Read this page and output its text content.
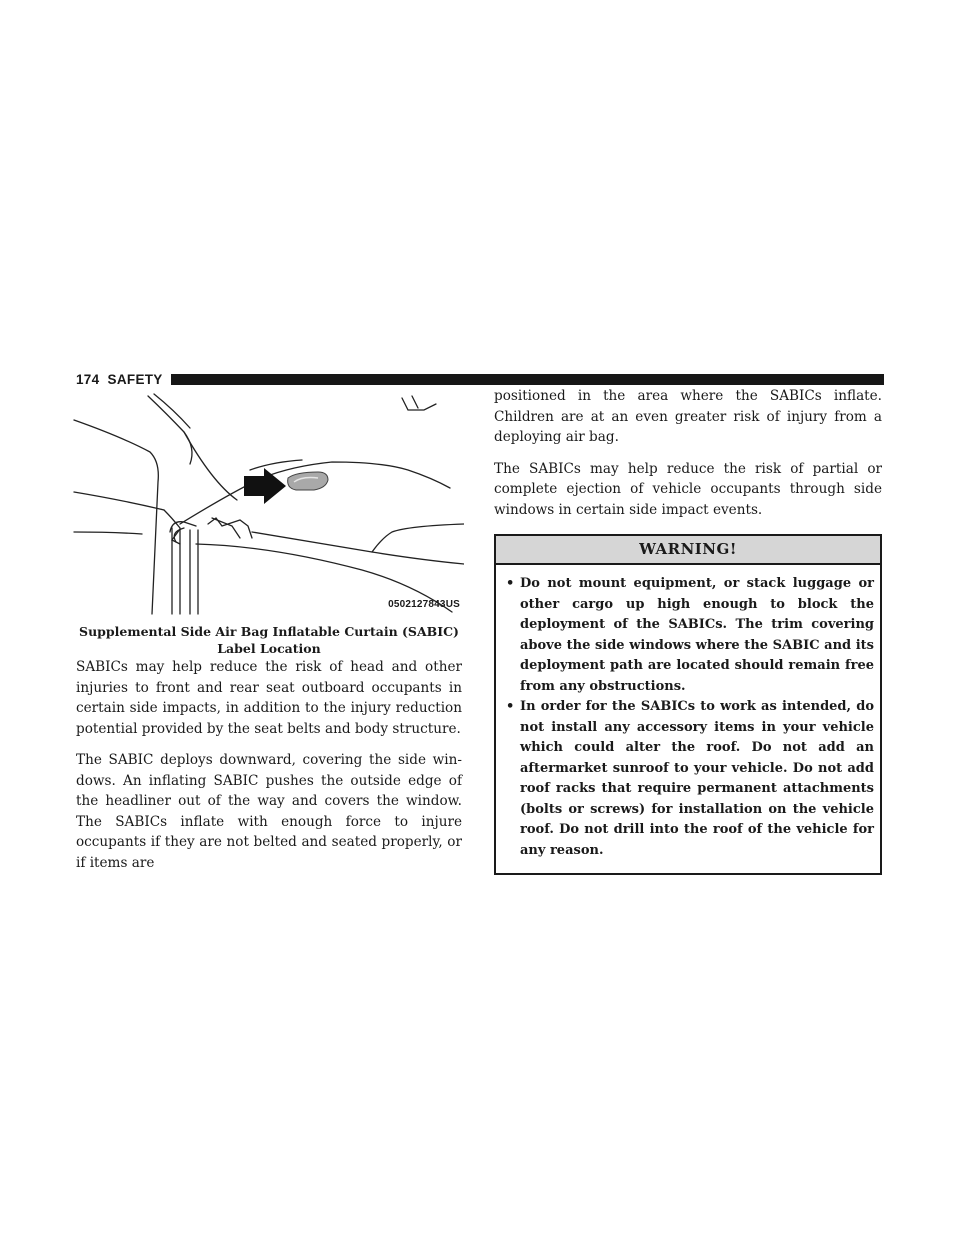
174 SAFETY
0502127843US
Supplemental Side Air Bag Inflatable Curtain (SABIC)
Label Location

SABICs may help reduce the risk of head and other injuries to front and rear seat outboard occupants in certain side impacts, in addition to the injury reduction potential provided by the seat belts and body structure.

The SABIC deploys downward, covering the side windows. An inflating SABIC pushes the outside edge of the headliner out of the way and covers the window. The SABICs inflate with enough force to injure occupants if they are not belted and seated properly, or if items are

positioned in the area where the SABICs inflate. Children are at an even greater risk of injury from a deploying air bag.

The SABICs may help reduce the risk of partial or complete ejection of vehicle occupants through side windows in certain side impact events.

WARNING!
• Do not mount equipment, or stack luggage or other cargo up high enough to block the deployment of the SABICs. The trim covering above the side windows where the SABIC and its deployment path are located should remain free from any obstructions.
• In order for the SABICs to work as intended, do not install any accessory items in your vehicle which could alter the roof. Do not add an aftermarket sunroof to your vehicle. Do not add roof racks that require permanent attachments (bolts or screws) for installation on the vehicle roof. Do not drill into the roof of the vehicle for any reason.
